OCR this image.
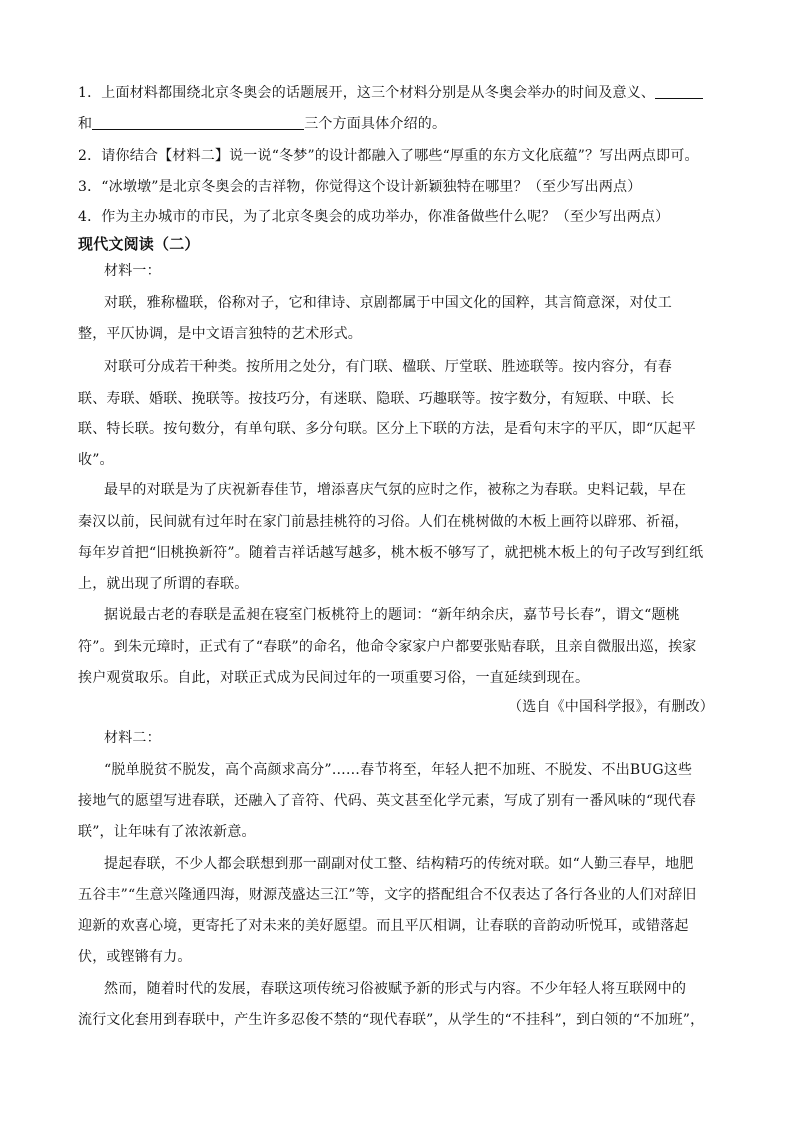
1．上面材料都围绕北京冬奥会的话题展开，这三个材料分别是从冬奥会举办的时间及意义、
和	三个方面具体介绍的。
2．请你结合【材料二】说一说“冬梦”的设计都融入了哪些“厚重的东方文化底蕴”？写出两点即可。
3．“冰墩墩”是北京冬奥会的吉祥物，你觉得这个设计新颖独特在哪里？（至少写出两点）
4．作为主办城市的市民，为了北京冬奥会的成功举办，你准备做些什么呢？（至少写出两点）
现代文阅读（二）
材料一：
对联，雅称楹联，俗称对子，它和律诗、京剧都属于中国文化的国粹，其言简意深，对仗工
整，平仄协调，是中文语言独特的艺术形式。
对联可分成若干种类。按所用之处分，有门联、楹联、厅堂联、胜迹联等。按内容分，有春
联、寿联、婚联、挽联等。按技巧分，有迷联、隐联、巧趣联等。按字数分，有短联、中联、长
联、特长联。按句数分，有单句联、多分句联。区分上下联的方法，是看句末字的平仄，即“仄起平
收”。
最早的对联是为了庆祝新春佳节，增添喜庆气氛的应时之作，被称之为春联。史料记载，早在
秦汉以前，民间就有过年时在家门前悬挂桃符的习俗。人们在桃树做的木板上画符以辟邪、祈福，
每年岁首把“旧桃换新符”。随着吉祥话越写越多，桃木板不够写了，就把桃木板上的句子改写到红纸
上，就出现了所谓的春联。
据说最古老的春联是孟昶在寝室门板桃符上的题词：“新年纳余庆，嘉节号长春”，谓文“题桃
符”。到朱元璋时，正式有了“春联”的命名，他命令家家户户都要张贴春联，且亲自微服出巡，挨家
挨户观赏取乐。自此，对联正式成为民间过年的一项重要习俗，一直延续到现在。
（选自《中国科学报》，有删改）
材料二：
“脱单脱贫不脱发，高个高颜求高分”……春节将至，年轻人把不加班、不脱发、不出BUG这些
接地气的愿望写进春联，还融入了音符、代码、英文甚至化学元素，写成了别有一番风味的“现代春
联”，让年味有了浓浓新意。
提起春联，不少人都会联想到那一副副对仗工整、结构精巧的传统对联。如“人勤三春早，地肥
五谷丰”“生意兴隆通四海，财源茂盛达三江”等，文字的搭配组合不仅表达了各行各业的人们对辞旧
迎新的欢喜心境，更寄托了对未来的美好愿望。而且平仄相调，让春联的音韵动听悦耳，或错落起
伏，或铿锵有力。
然而，随着时代的发展，春联这项传统习俗被赋予新的形式与内容。不少年轻人将互联网中的
流行文化套用到春联中，产生许多忍俊不禁的“现代春联”，从学生的“不挂科”，到白领的“不加班”，
